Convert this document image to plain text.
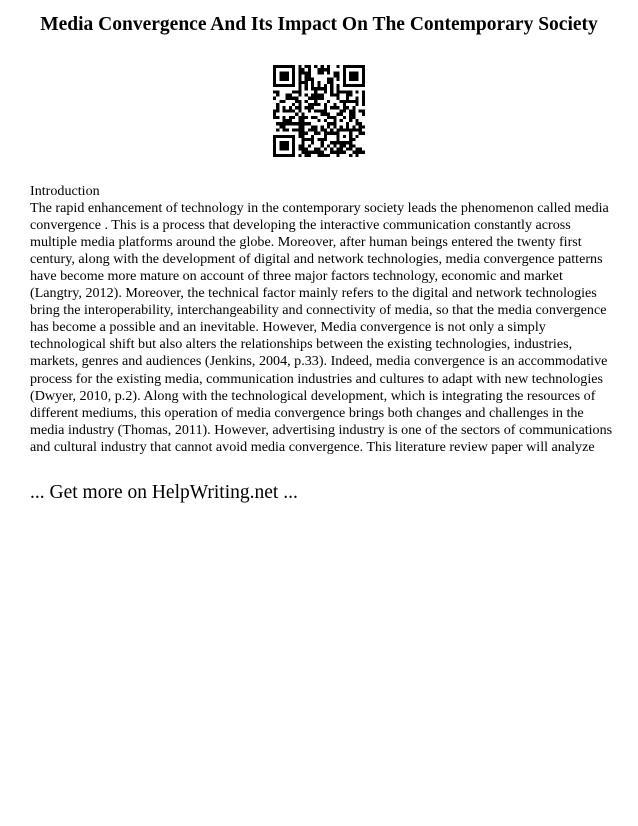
Media Convergence And Its Impact On The Contemporary Society
Introduction
The rapid enhancement of technology in the contemporary society leads the phenomenon called media convergence . This is a process that developing the interactive communication constantly across multiple media platforms around the globe. Moreover, after human beings entered the twenty first century, along with the development of digital and network technologies, media convergence patterns have become more mature on account of three major factors technology, economic and market (Langtry, 2012). Moreover, the technical factor mainly refers to the digital and network technologies bring the interoperability, interchangeability and connectivity of media, so that the media convergence has become a possible and an inevitable. However, Media convergence is not only a simply technological shift but also alters the relationships between the existing technologies, industries, markets, genres and audiences (Jenkins, 2004, p.33). Indeed, media convergence is an accommodative process for the existing media, communication industries and cultures to adapt with new technologies (Dwyer, 2010, p.2). Along with the technological development, which is integrating the resources of different mediums, this operation of media convergence brings both changes and challenges in the media industry (Thomas, 2011). However, advertising industry is one of the sectors of communications and cultural industry that cannot avoid media convergence. This literature review paper will analyze
... Get more on HelpWriting.net ...
